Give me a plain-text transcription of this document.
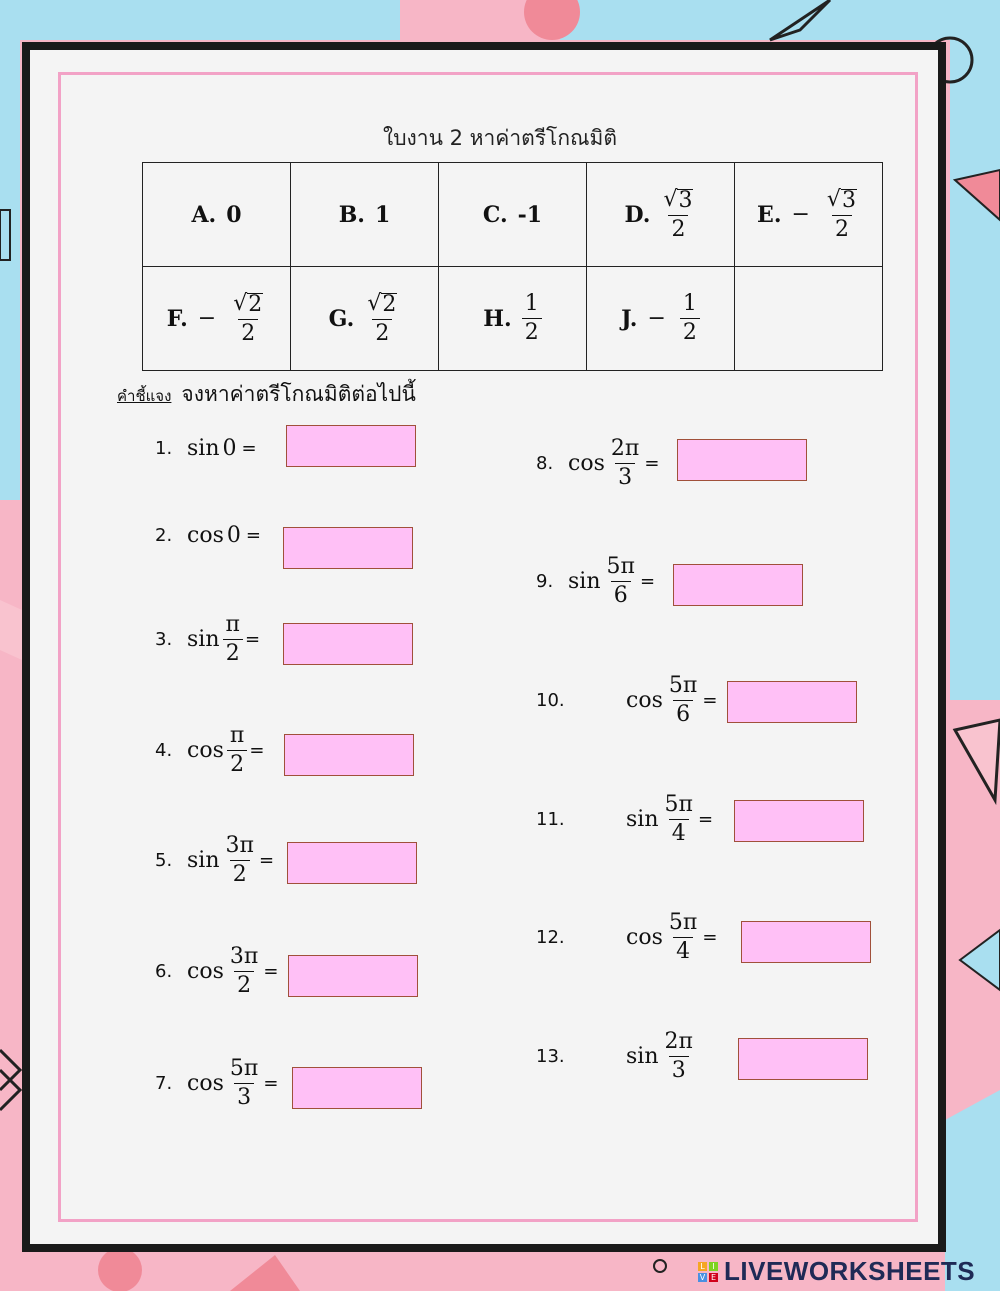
ใบงาน 2 หาค่าตรีโกณมิติ
A. 0	B. 1	C. -1	D. $\frac{√ 3}{2}$	E. − $\frac{√ 3}{2}$

F. − $\frac{√ 2}{2}$	G. $\frac{√ 2}{2}$	H. $\frac{1}{2}$	J. − $\frac{1}{2}$

คำชี้แจง จงหาค่าตรีโกณมิติต่อไปนี้
1. sin 0 =
2. cos 0 =
3. $\sin \frac{\pi}{2}$ =
4. $\cos \frac{\pi}{2}$ =
5. $\sin \frac{3\pi}{2}$ =
6. $\cos \frac{3\pi}{2}$ =
7. $\cos \frac{5\pi}{3}$ =
8. $\cos \frac{2\pi}{3}$ =
9. $\sin \frac{5\pi}{6}$ =
10.	$\cos \frac{5\pi}{6}$ =
11.	$\sin \frac{5\pi}{4}$ =
12.	$\cos \frac{5\pi}{4}$ =
13.	$\sin \frac{2\pi}{3}$
L I
V E LIVEWORKSHEETS
